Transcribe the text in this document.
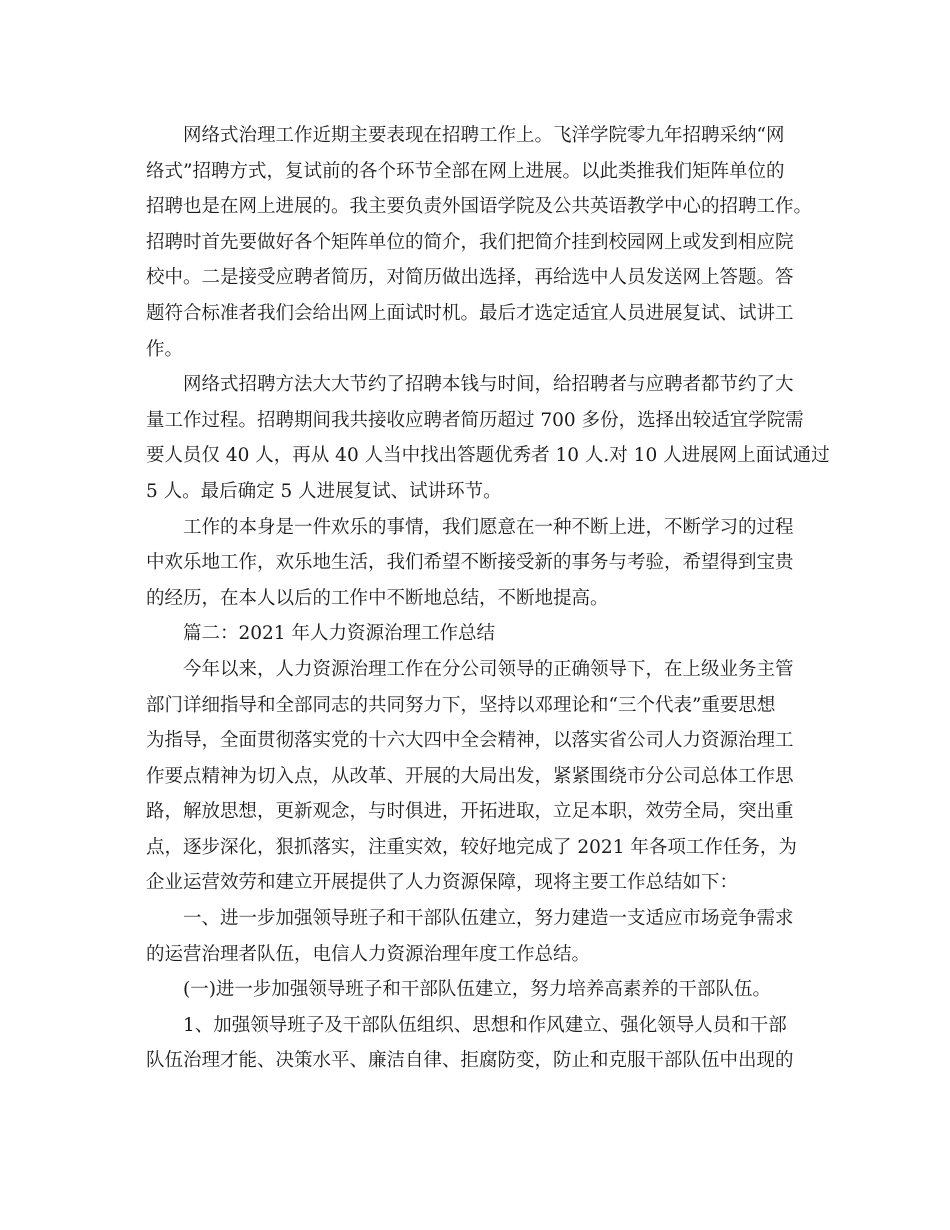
网络式治理工作近期主要表现在招聘工作上。飞洋学院零九年招聘采纳“网
络式”招聘方式，复试前的各个环节全部在网上进展。以此类推我们矩阵单位的
招聘也是在网上进展的。我主要负责外国语学院及公共英语教学中心的招聘工作。
招聘时首先要做好各个矩阵单位的简介，我们把简介挂到校园网上或发到相应院
校中。二是接受应聘者简历，对简历做出选择，再给选中人员发送网上答题。答
题符合标准者我们会给出网上面试时机。最后才选定适宜人员进展复试、试讲工
作。
网络式招聘方法大大节约了招聘本钱与时间，给招聘者与应聘者都节约了大
量工作过程。招聘期间我共接收应聘者简历超过 700 多份，选择出较适宜学院需
要人员仅 40 人，再从 40 人当中找出答题优秀者 10 人.对 10 人进展网上面试通过
5 人。最后确定 5 人进展复试、试讲环节。
工作的本身是一件欢乐的事情，我们愿意在一种不断上进，不断学习的过程
中欢乐地工作，欢乐地生活，我们希望不断接受新的事务与考验，希望得到宝贵
的经历，在本人以后的工作中不断地总结，不断地提高。
篇二：2021 年人力资源治理工作总结
今年以来，人力资源治理工作在分公司领导的正确领导下，在上级业务主管
部门详细指导和全部同志的共同努力下，坚持以邓理论和“三个代表”重要思想
为指导，全面贯彻落实党的十六大四中全会精神，以落实省公司人力资源治理工
作要点精神为切入点，从改革、开展的大局出发，紧紧围绕市分公司总体工作思
路，解放思想，更新观念，与时俱进，开拓进取，立足本职，效劳全局，突出重
点，逐步深化，狠抓落实，注重实效，较好地完成了 2021 年各项工作任务，为
企业运营效劳和建立开展提供了人力资源保障，现将主要工作总结如下：
一、进一步加强领导班子和干部队伍建立，努力建造一支适应市场竞争需求
的运营治理者队伍，电信人力资源治理年度工作总结。
(一)进一步加强领导班子和干部队伍建立，努力培养高素养的干部队伍。
1、加强领导班子及干部队伍组织、思想和作风建立、强化领导人员和干部
队伍治理才能、决策水平、廉洁自律、拒腐防变，防止和克服干部队伍中出现的
